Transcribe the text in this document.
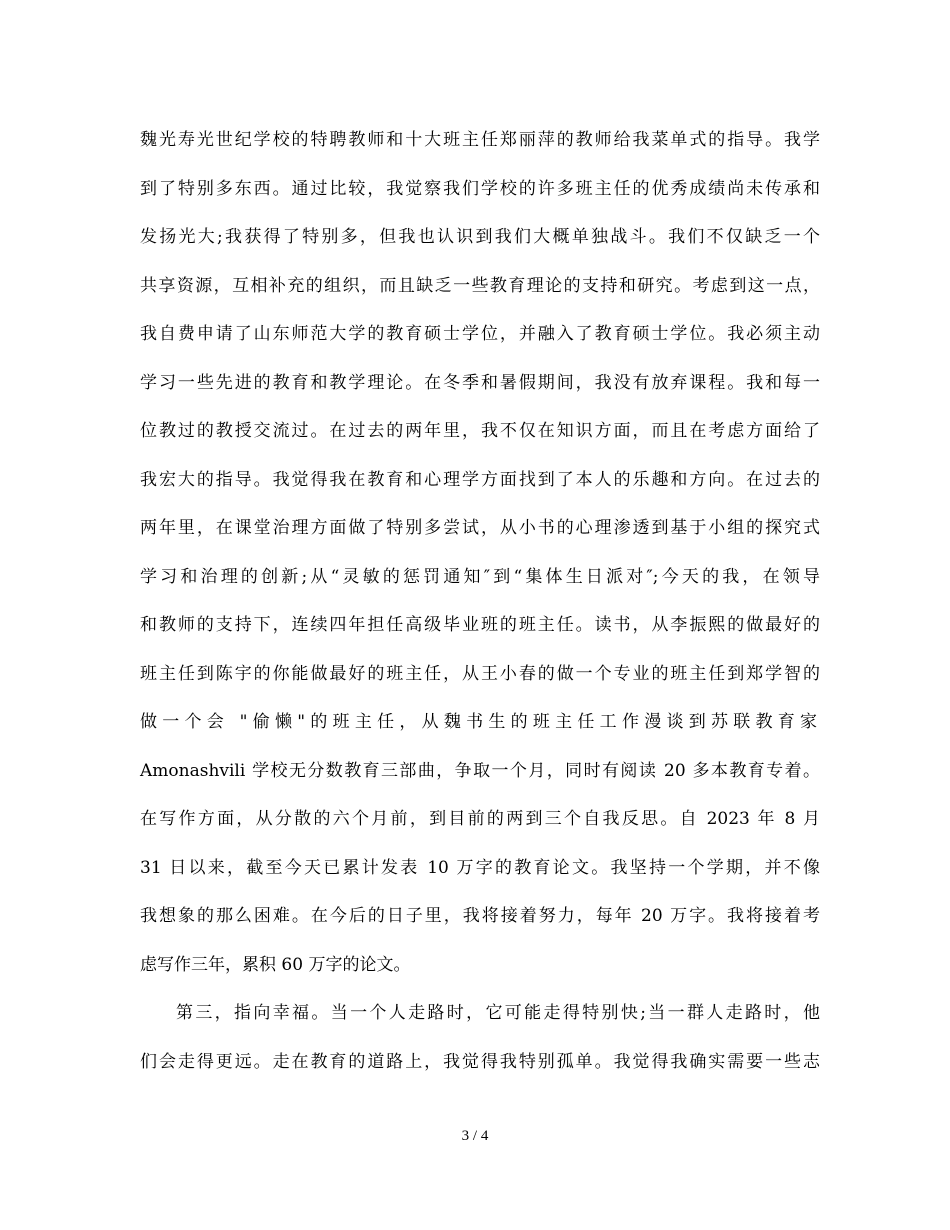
魏光寿光世纪学校的特聘教师和十大班主任郑丽萍的教师给我菜单式的指导。我学
到了特别多东西。通过比较，我觉察我们学校的许多班主任的优秀成绩尚未传承和
发扬光大;我获得了特别多，但我也认识到我们大概单独战斗。我们不仅缺乏一个
共享资源，互相补充的组织，而且缺乏一些教育理论的支持和研究。考虑到这一点，
我自费申请了山东师范大学的教育硕士学位，并融入了教育硕士学位。我必须主动
学习一些先进的教育和教学理论。在冬季和暑假期间，我没有放弃课程。我和每一
位教过的教授交流过。在过去的两年里，我不仅在知识方面，而且在考虑方面给了
我宏大的指导。我觉得我在教育和心理学方面找到了本人的乐趣和方向。在过去的
两年里，在课堂治理方面做了特别多尝试，从小书的心理渗透到基于小组的探究式
学习和治理的创新;从“灵敏的惩罚通知″到“集体生日派对″;今天的我，在领导
和教师的支持下，连续四年担任高级毕业班的班主任。读书，从李振熙的做最好的
班主任到陈宇的你能做最好的班主任，从王小春的做一个专业的班主任到郑学智的
做一个会 "偷懒"的班主任，从魏书生的班主任工作漫谈到苏联教育家
Amonashvili 学校无分数教育三部曲，争取一个月，同时有阅读 20 多本教育专着。
在写作方面，从分散的六个月前，到目前的两到三个自我反思。自 2023 年 8 月
31 日以来，截至今天已累计发表 10 万字的教育论文。我坚持一个学期，并不像
我想象的那么困难。在今后的日子里，我将接着努力，每年 20 万字。我将接着考
虑写作三年，累积 60 万字的论文。
第三，指向幸福。当一个人走路时，它可能走得特别快;当一群人走路时，他
们会走得更远。走在教育的道路上，我觉得我特别孤单。我觉得我确实需要一些志
3 / 4
